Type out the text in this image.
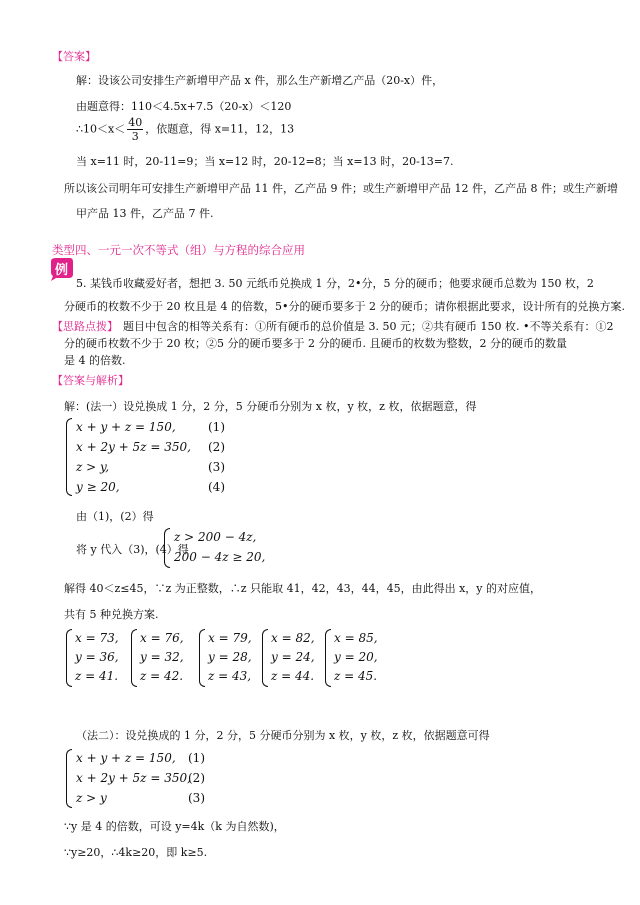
【答案】
解：设该公司安排生产新增甲产品 x 件，那么生产新增乙产品（20-x）件，
由题意得：110＜4.5x+7.5（20-x）＜120
∴10＜x＜ $\frac{40}{3}$ ，依题意，得 x=11，12，13
当 x=11 时，20-11=9；当 x=12 时，20-12=8；当 x=13 时，20-13=7.
所以该公司明年可安排生产新增甲产品 11 件，乙产品 9 件；或生产新增甲产品 12 件，乙产品 8 件；或生产新增
甲产品 13 件，乙产品 7 件.
类型四、一元一次不等式（组）与方程的综合应用
例
5. 某钱币收藏爱好者，想把 3. 50 元纸币兑换成 1 分，2•分，5 分的硬币；他要求硬币总数为 150 枚，2
分硬币的枚数不少于 20 枚且是 4 的倍数，5•分的硬币要多于 2 分的硬币；请你根据此要求，设计所有的兑换方案.
【思路点拨】 题目中包含的相等关系有：①所有硬币的总价值是 3. 50 元；②共有硬币 150 枚. •不等关系有：①2
分的硬币枚数不少于 20 枚；②5 分的硬币要多于 2 分的硬币. 且硬币的枚数为整数，2 分的硬币的数量
是 4 的倍数.
【答案与解析】
解：(法一）设兑换成 1 分，2 分，5 分硬币分别为 x 枚，y 枚，z 枚，依据题意，得
x + y + z = 150,	(1)
x + 2y + 5z = 350, (2)
z > y,	(3)
y ≥ 20,	(4)
由（1)，(2）得
将 y 代入（3)，(4）得
z > 200 − 4z,
200 − 4z ≥ 20,
解得 40＜z≤45，∵z 为正整数，∴z 只能取 41，42，43，44，45，由此得出 x，y 的对应值，
共有 5 种兑换方案.
x = 73,
y = 36,
z = 41.
x = 76,
y = 32,
z = 42.
x = 79,
y = 28,
z = 43,
x = 82,
y = 24,
z = 44.
x = 85,
y = 20,
z = 45.
（法二）：设兑换成的 1 分，2 分，5 分硬币分别为 x 枚，y 枚，z 枚，依据题意可得
x + y + z = 150, (1)
x + 2y + 5z = 350,
(2)
z > y	(3)
∵y 是 4 的倍数，可设 y=4k（k 为自然数)，
∵y≥20，∴4k≥20，即 k≥5.
